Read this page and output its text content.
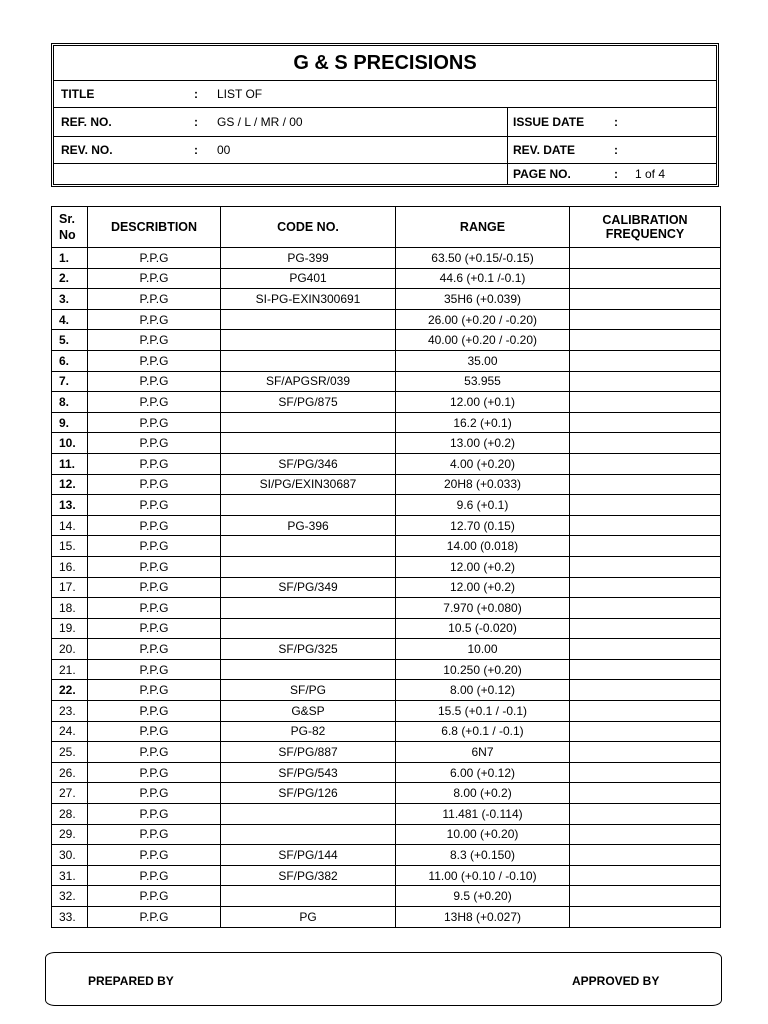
G & S PRECISIONS
TITLE	: LIST OF
REF. NO.	: GS / L / MR / 00	ISSUE DATE :
REV. NO.	: 00	REV. DATE	:
PAGE NO.	: 1 of 4
Sr. No	DESCRIBTION	CODE NO.	RANGE	CALIBRATION FREQUENCY
1.	P.P.G	PG-399	63.50 (+0.15/-0.15)	
2.	P.P.G	PG401	44.6 (+0.1 /-0.1)	
3.	P.P.G	SI-PG-EXIN300691	35H6 (+0.039)	
4.	P.P.G		26.00 (+0.20 / -0.20)	
5.	P.P.G		40.00 (+0.20 / -0.20)	
6.	P.P.G		35.00	
7.	P.P.G	SF/APGSR/039	53.955	
8.	P.P.G	SF/PG/875	12.00 (+0.1)	
9.	P.P.G		16.2 (+0.1)	
10.	P.P.G		13.00 (+0.2)	
11.	P.P.G	SF/PG/346	4.00 (+0.20)	
12.	P.P.G	SI/PG/EXIN30687	20H8 (+0.033)	
13.	P.P.G		9.6 (+0.1)	
14.	P.P.G	PG-396	12.70 (0.15)	
15.	P.P.G		14.00 (0.018)	
16.	P.P.G		12.00 (+0.2)	
17.	P.P.G	SF/PG/349	12.00 (+0.2)	
18.	P.P.G		7.970 (+0.080)	
19.	P.P.G		10.5 (-0.020)	
20.	P.P.G	SF/PG/325	10.00	
21.	P.P.G		10.250 (+0.20)	
22.	P.P.G	SF/PG	8.00 (+0.12)	
23.	P.P.G	G&SP	15.5 (+0.1 / -0.1)	
24.	P.P.G	PG-82	6.8 (+0.1 / -0.1)	
25.	P.P.G	SF/PG/887	6N7	
26.	P.P.G	SF/PG/543	6.00 (+0.12)	
27.	P.P.G	SF/PG/126	8.00 (+0.2)	
28.	P.P.G		11.481 (-0.114)	
29.	P.P.G		10.00 (+0.20)	
30.	P.P.G	SF/PG/144	8.3 (+0.150)	
31.	P.P.G	SF/PG/382	11.00 (+0.10 / -0.10)	
32.	P.P.G		9.5 (+0.20)	
33.	P.P.G	PG	13H8 (+0.027)	
PREPARED BY	APPROVED BY
